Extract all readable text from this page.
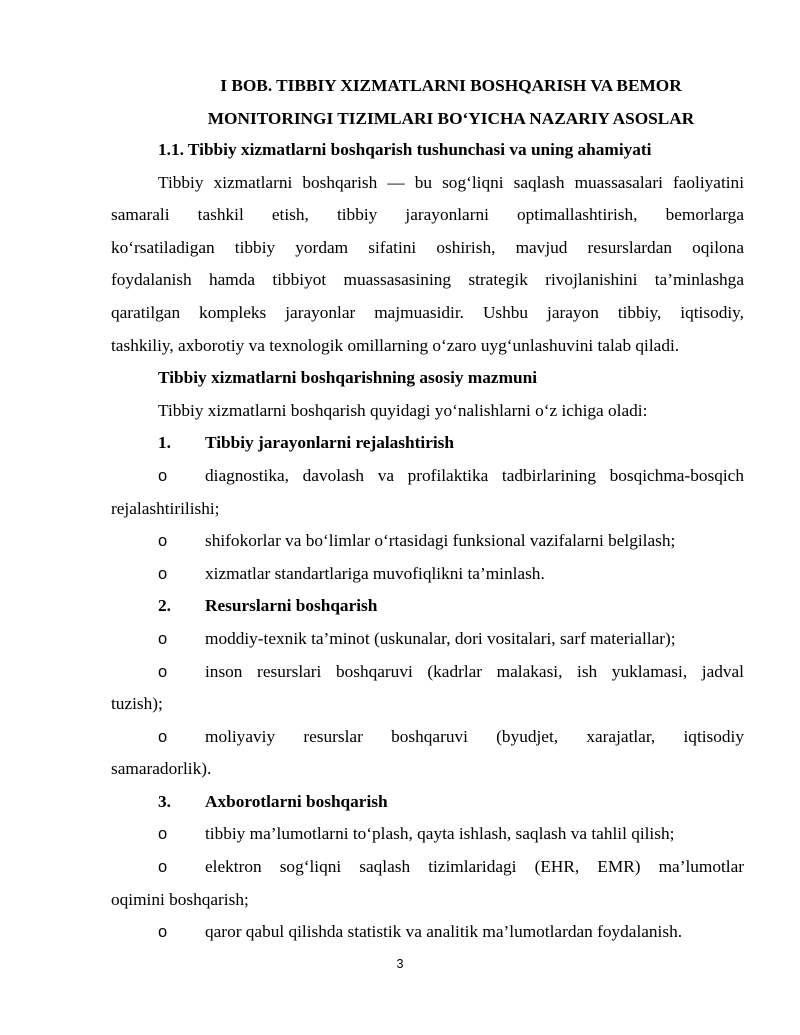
I BOB. TIBBIY XIZMATLARNI BOSHQARISH VA BEMOR
MONITORINGI TIZIMLARI BO‘YICHA NAZARIY ASOSLAR

1.1. Tibbiy xizmatlarni boshqarish tushunchasi va uning ahamiyati

Tibbiy xizmatlarni boshqarish — bu sog‘liqni saqlash muassasalari faoliyatini

samarali tashkil etish, tibbiy jarayonlarni optimallashtirish, bemorlarga

ko‘rsatiladigan tibbiy yordam sifatini oshirish, mavjud resurslardan oqilona

foydalanish hamda tibbiyot muassasasining strategik rivojlanishini ta’minlashga

qaratilgan kompleks jarayonlar majmuasidir. Ushbu jarayon tibbiy, iqtisodiy,

tashkiliy, axborotiy va texnologik omillarning o‘zaro uyg‘unlashuvini talab qiladi.

Tibbiy xizmatlarni boshqarishning asosiy mazmuni

Tibbiy xizmatlarni boshqarish quyidagi yo‘nalishlarni o‘z ichiga oladi:

1. Tibbiy jarayonlarni rejalashtirish

o diagnostika, davolash va profilaktika tadbirlarining bosqichma-bosqich

rejalashtirilishi;

o shifokorlar va bo‘limlar o‘rtasidagi funksional vazifalarni belgilash;

o xizmatlar standartlariga muvofiqlikni ta’minlash.

2. Resurslarni boshqarish

o moddiy-texnik ta’minot (uskunalar, dori vositalari, sarf materiallar);

o inson resurslari boshqaruvi (kadrlar malakasi, ish yuklamasi, jadval

tuzish);

o moliyaviy resurslar boshqaruvi (byudjet, xarajatlar, iqtisodiy

samaradorlik).

3. Axborotlarni boshqarish

o tibbiy ma’lumotlarni to‘plash, qayta ishlash, saqlash va tahlil qilish;

o elektron sog‘liqni saqlash tizimlaridagi (EHR, EMR) ma’lumotlar

oqimini boshqarish;

o qaror qabul qilishda statistik va analitik ma’lumotlardan foydalanish.

3
